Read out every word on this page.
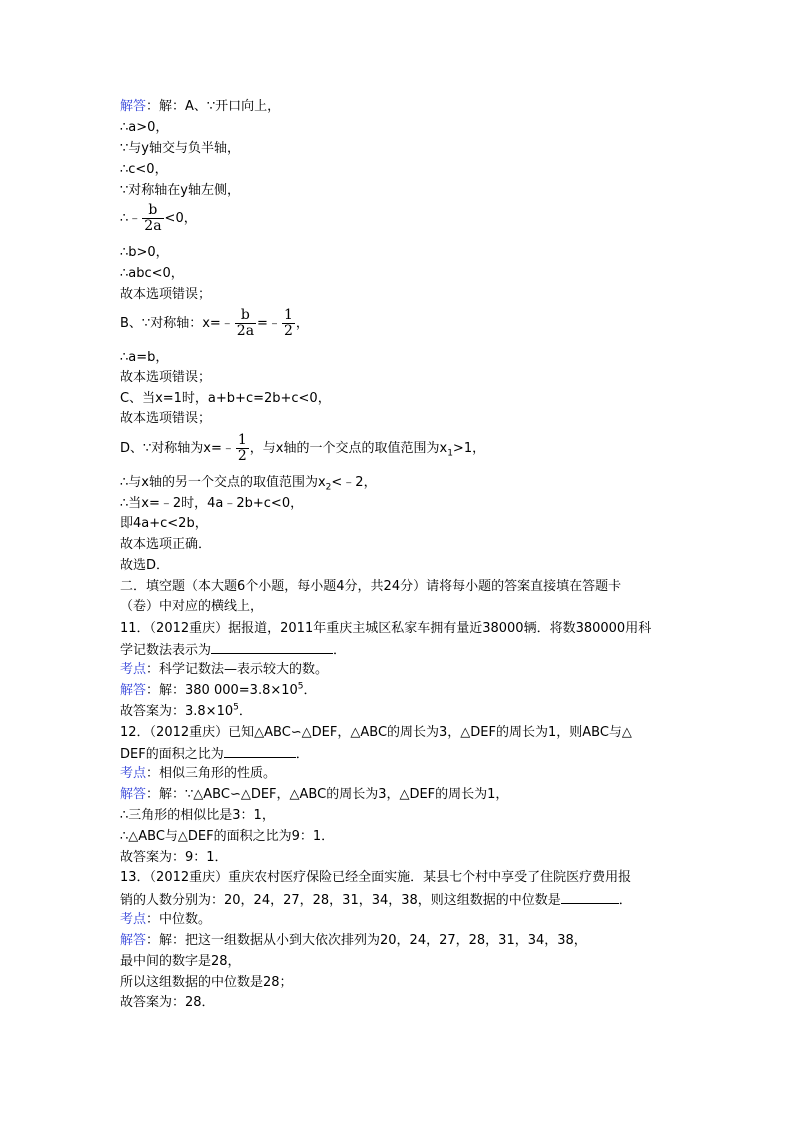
解答：解：A、∵开口向上，
∴a>0，
∵与y轴交与负半轴，
∴c<0，
∵对称轴在y轴左侧，
∴﹣ $\frac{b}{2a} <0$，
∴b>0，
∴abc<0，
故本选项错误；
B、∵对称轴：x=﹣ $\frac{b}{2a}$ =﹣ $\frac{1}{2}$ ，
∴a=b，
故本选项错误；
C、当x=1时，a+b+c=2b+c<0，
故本选项错误；
D、∵对称轴为x=﹣ $\frac{1}{2}$ ，与x轴的一个交点的取值范围为$x_1>1$，
∴与x轴的另一个交点的取值范围为$x_2<﹣2$，
∴当x=﹣2时，4a﹣2b+c<0，
即4a+c<2b，
故本选项正确．
故选D．
二．填空题（本大题6个小题，每小题4分，共24分）请将每小题的答案直接填在答题卡
（卷）中对应的横线上，
11．（2012重庆）据报道，2011年重庆主城区私家车拥有量近38000辆．将数380000用科
学记数法表示为	．
考点：科学记数法—表示较大的数。
解答：解：380 $000=3.8\times 10^5$．
故答案为：$3.8\times 10^5$．
12．（2012重庆）已知△ABC∽△DEF，△ABC的周长为3，△DEF的周长为1，则ABC与△
DEF的面积之比为	．
考点：相似三角形的性质。
解答：解：∵△ABC∽△DEF，△ABC的周长为3，△DEF的周长为1，
∴三角形的相似比是3：1，
∴△ABC与△DEF的面积之比为9：1．
故答案为：9：1．
13．（2012重庆）重庆农村医疗保险已经全面实施．某县七个村中享受了住院医疗费用报
销的人数分别为：20，24，27，28，31，34，38，则这组数据的中位数是	．
考点：中位数。
解答：解：把这一组数据从小到大依次排列为20，24，27，28，31，34，38，
最中间的数字是28，
所以这组数据的中位数是28；
故答案为：28．
